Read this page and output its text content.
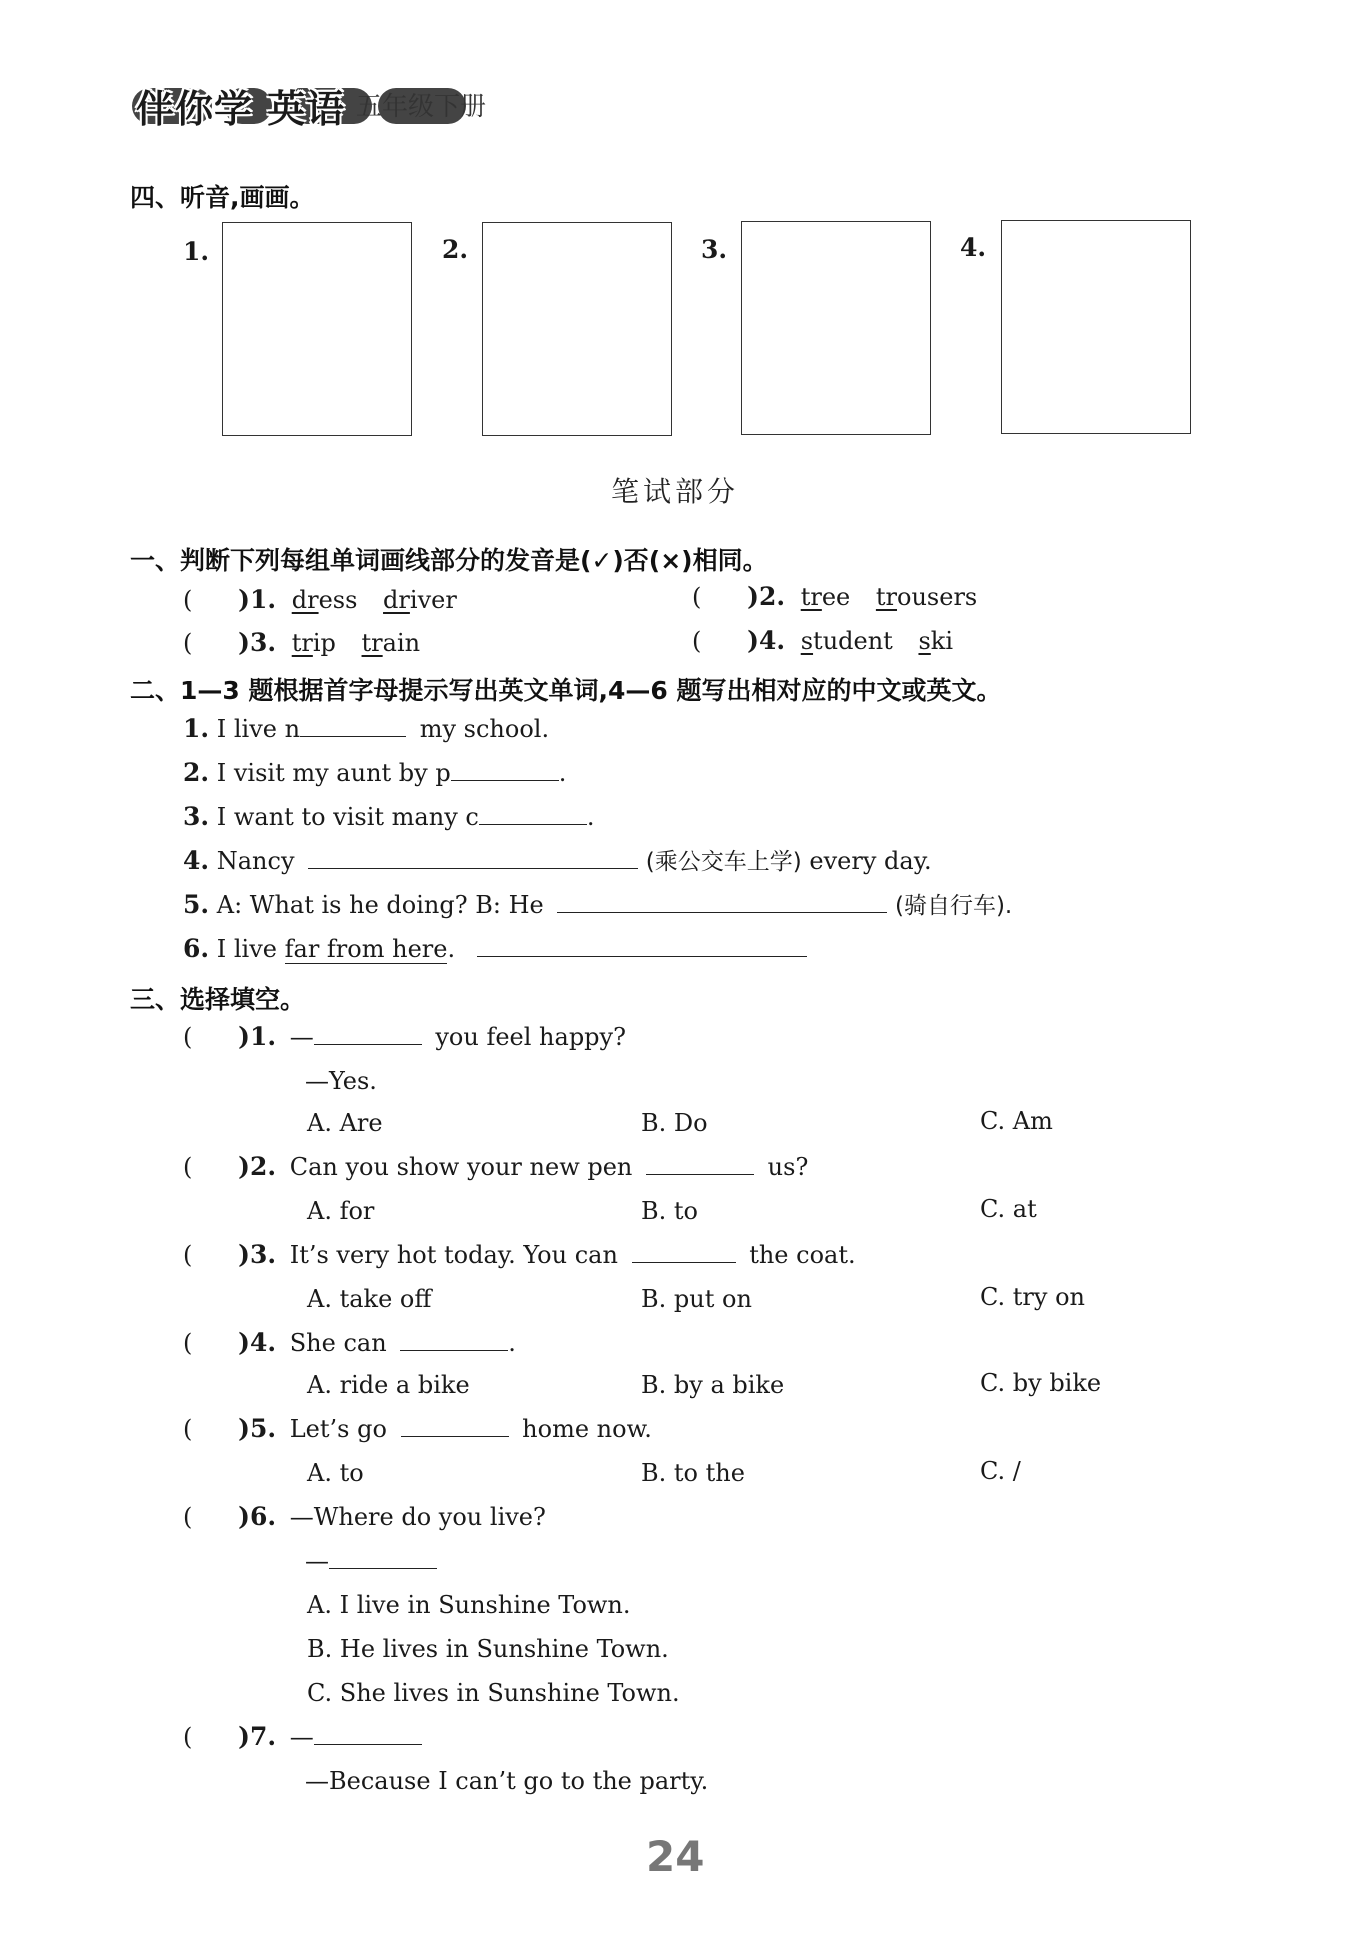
伴你学 英语 五年级下册
四、听音,画画。
1.	2.	3.	4.
笔试部分
一、判断下列每组单词画线部分的发音是(✓)否(×)相同。
(      )1. dress driver	(      )2. tree trousers
(      )3. trip train	(      )4. student ski
二、1—3 题根据首字母提示写出英文单词,4—6 题写出相对应的中文或英文。
1. I live n	my school.
2. I visit my aunt by p	.
3. I want to visit many c	.
4. Nancy	(乘公交车上学) every day.
5. A: What is he doing? B: He	(骑自行车).
6. I live far from here.
三、选择填空。
(      )1. —	you feel happy?
—Yes.
A. Are	B. Do	C. Am
(      )2. Can you show your new pen	us?
A. for	B. to	C. at
(      )3. It’s very hot today. You can	the coat.
A. take off	B. put on	C. try on
(      )4. She can	.
A. ride a bike	B. by a bike	C. by bike
(      )5. Let’s go	home now.
A. to	B. to the	C. /
(      )6. —Where do you live?
—
A. I live in Sunshine Town.
B. He lives in Sunshine Town.
C. She lives in Sunshine Town.
(      )7. —
—Because I can’t go to the party.
24
